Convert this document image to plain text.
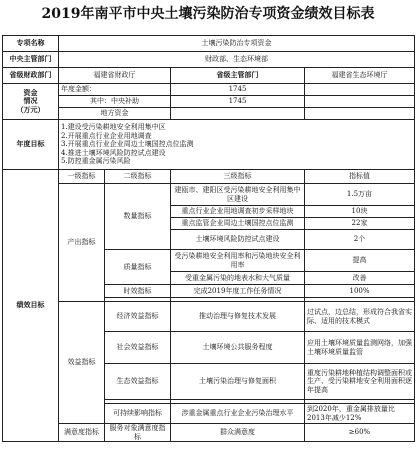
2019年南平市中央土壤污染防治专项资金绩效目标表
专项名称	土壤污染防治专项资金			
中央主管部门	财政部、生态环境部			
省级财政部门	福建省财政厅		省级主管部门	福建省生态环境厅

资金
情况
（万元）	年度金额：		1745	
	其中：中央补助		1745	
	地方资金			
年度目标	1.建设受污染耕地安全利用集中区
2.开展重点行业企业用地调查
3.开展重点行业企业周边土壤国控点位监测
4.推进土壤环境风险防控试点建设
5.防控重金属污染风险			

绩效目标	一级指标	二级指标	三级指标	指标值
	产出指标	数量指标	建瓯市、建阳区受污染耕地安全利用集中区建设	1.5万亩
			重点行业企业用地调查初步采样地块	10块
			重点监管企业周边土壤国控点位监测	22家
			土壤环境风险防控试点建设	2个
		质量指标	受污染耕地安全利用率和污染地块安全利用率	提高
			受重金属污染的地表水和大气质量	改善
		时效指标	完成2019年度工作任务情况	100%

	效益指标	经济效益指标	推动治理与修复技术发展	过试点，边总结，形成符合我省实际、适用的技术模式
		社会效益指标	土壤环境公共服务程度	应用土壤环境质量监测网络，加强土壤环境质量监管
		生态效益指标	土壤污染治理与修复面积	重度污染耕地种植结构调整面积或生产、受污染耕地安全利用面积逐年提高

		可持续影响指标	涉重金属重点行业企业污染治理水平	到2020年，重金属排放量比2013年减少12%
	满意度指标	服务对象满意度指标	群众满意度	≥60%
